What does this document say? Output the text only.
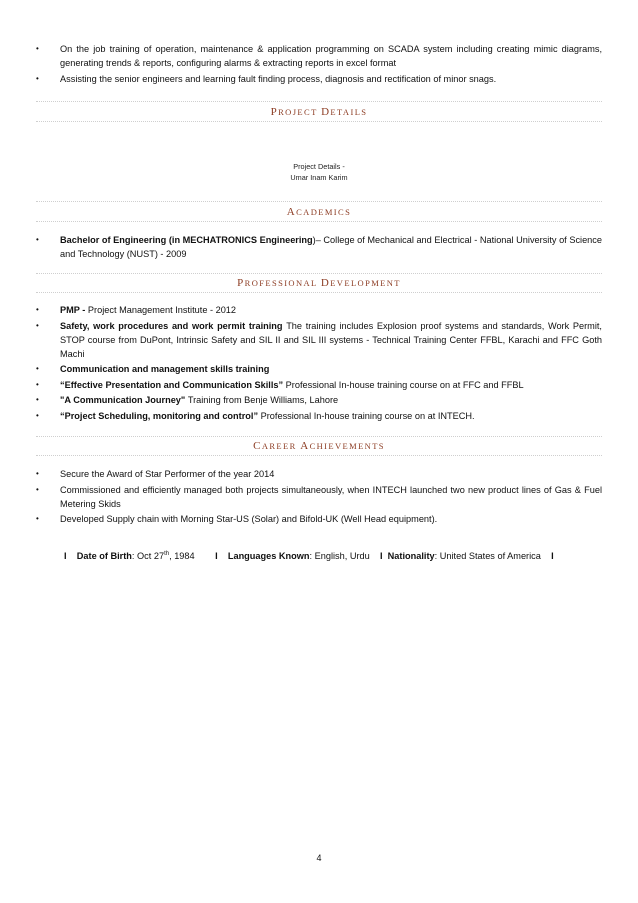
• On the job training of operation, maintenance & application programming on SCADA system including creating mimic diagrams, generating trends & reports, configuring alarms & extracting reports in excel format
• Assisting the senior engineers and learning fault finding process, diagnosis and rectification of minor snags.
PROJECT DETAILS
Project Details -
Umar Inam Karim
ACADEMICS
• Bachelor of Engineering (in MECHATRONICS Engineering)– College of Mechanical and Electrical - National University of Science and Technology (NUST) - 2009
PROFESSIONAL DEVELOPMENT
• PMP - Project Management Institute - 2012
• Safety, work procedures and work permit training The training includes Explosion proof systems and standards, Work Permit, STOP course from DuPont, Intrinsic Safety and SIL II and SIL III systems - Technical Training Center FFBL, Karachi and FFC Goth Machi
• Communication and management skills training
• “Effective Presentation and Communication Skills” Professional In-house training course on at FFC and FFBL
• "A Communication Journey" Training from Benje Williams, Lahore
• “Project Scheduling, monitoring and control” Professional In-house training course on at INTECH.
CAREER ACHIEVEMENTS
• Secure the Award of Star Performer of the year 2014
• Commissioned and efficiently managed both projects simultaneously, when INTECH launched two new product lines of Gas & Fuel Metering Skids
• Developed Supply chain with Morning Star-US (Solar) and Bifold-UK (Well Head equipment).
I Date of Birth: Oct 27th, 1984 I Languages Known: English, Urdu I Nationality: United States of America I
4
